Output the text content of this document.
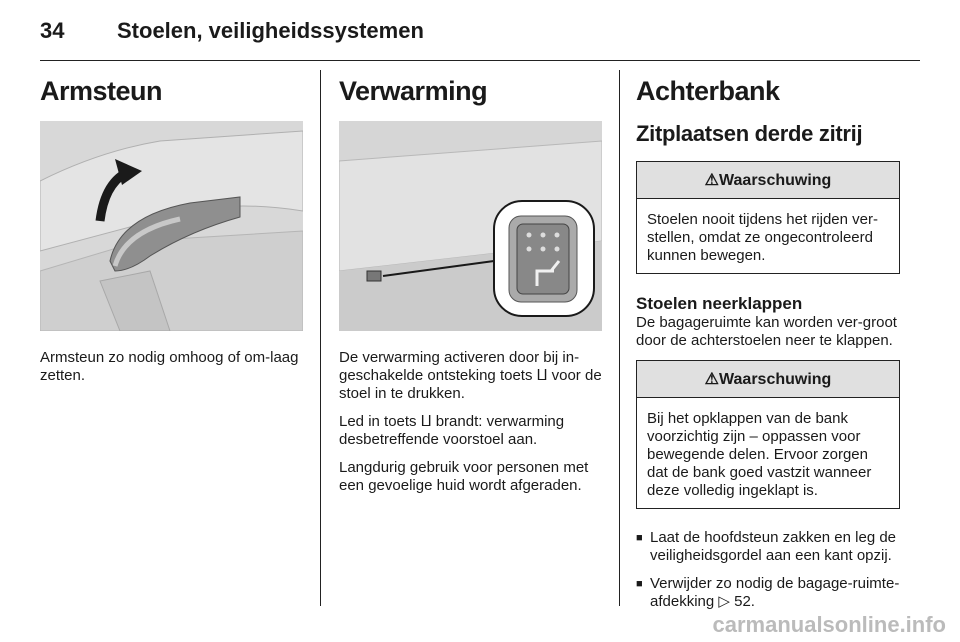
34 Stoelen, veiligheidssystemen
Armsteun

Armsteun zo nodig omhoog of om-laag zetten.

Verwarming

De verwarming activeren door bij in-geschakelde ontsteking toets ⨿ voor de stoel in te drukken.

Led in toets ⨿ brandt: verwarming desbetreffende voorstoel aan.

Langdurig gebruik voor personen met een gevoelige huid wordt afgeraden.

Achterbank
Zitplaatsen derde zitrij
⚠Waarschuwing
Stoelen nooit tijdens het rijden ver-stellen, omdat ze ongecontroleerd kunnen bewegen.
Stoelen neerklappen

De bagageruimte kan worden ver-groot door de achterstoelen neer te klappen.

⚠Waarschuwing
Bij het opklappen van de bank voorzichtig zijn – oppassen voor bewegende delen. Ervoor zorgen dat de bank goed vastzit wanneer deze volledig ingeklapt is.
■ Laat de hoofdsteun zakken en leg de veiligheidsgordel aan een kant opzij.
■ Verwijder zo nodig de bagage-ruimte-afdekking ▷ 52.
carmanualsonline.info
